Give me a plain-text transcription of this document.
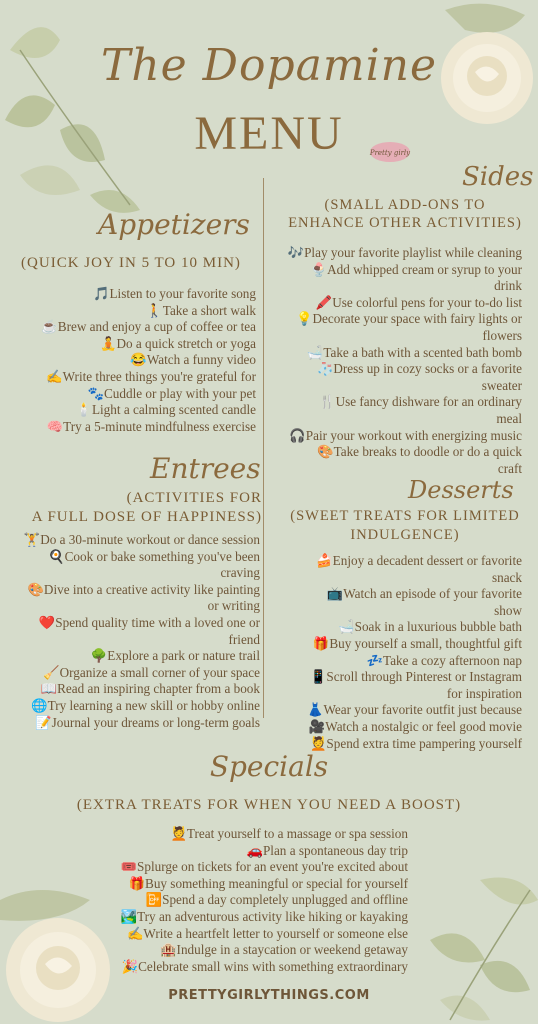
The Dopamine
MENU	Pretty girly
Appetizers
(QUICK JOY IN 5 TO 10 MIN)
🎵Listen to your favorite song
🚶Take a short walk
☕Brew and enjoy a cup of coffee or tea
🧘Do a quick stretch or yoga
😂Watch a funny video
✍️Write three things you're grateful for
🐾Cuddle or play with your pet
🕯️Light a calming scented candle
🧠Try a 5-minute mindfulness exercise
Sides
(SMALL ADD-ONS TO
ENHANCE OTHER ACTIVITIES)
🎶Play your favorite playlist while cleaning
🍨Add whipped cream or syrup to your
drink
🖍️Use colorful pens for your to-do list
💡Decorate your space with fairy lights or
flowers
🛁Take a bath with a scented bath bomb
🧦Dress up in cozy socks or a favorite
sweater
🍴Use fancy dishware for an ordinary
meal
🎧Pair your workout with energizing music
🎨Take breaks to doodle or do a quick
craft
Entrees
(ACTIVITIES FOR
A FULL DOSE OF HAPPINESS)
🏋️Do a 30-minute workout or dance session
🍳Cook or bake something you've been
craving
🎨Dive into a creative activity like painting
or writing
❤️Spend quality time with a loved one or
friend
🌳Explore a park or nature trail
🧹Organize a small corner of your space
📖Read an inspiring chapter from a book
🌐Try learning a new skill or hobby online
📝Journal your dreams or long-term goals
Desserts
(SWEET TREATS FOR LIMITED
INDULGENCE)
🍰Enjoy a decadent dessert or favorite
snack
📺Watch an episode of your favorite
show
🛁Soak in a luxurious bubble bath
🎁Buy yourself a small, thoughtful gift
💤Take a cozy afternoon nap
📱Scroll through Pinterest or Instagram
for inspiration
👗Wear your favorite outfit just because
🎥Watch a nostalgic or feel good movie
💆Spend extra time pampering yourself
Specials
(EXTRA TREATS FOR WHEN YOU NEED A BOOST)
💆Treat yourself to a massage or spa session
🚗Plan a spontaneous day trip
🎟️Splurge on tickets for an event you're excited about
🎁Buy something meaningful or special for yourself
📴Spend a day completely unplugged and offline
🏞️Try an adventurous activity like hiking or kayaking
✍️Write a heartfelt letter to yourself or someone else
🏨Indulge in a staycation or weekend getaway
🎉Celebrate small wins with something extraordinary
PRETTYGIRLYTHINGS.COM
